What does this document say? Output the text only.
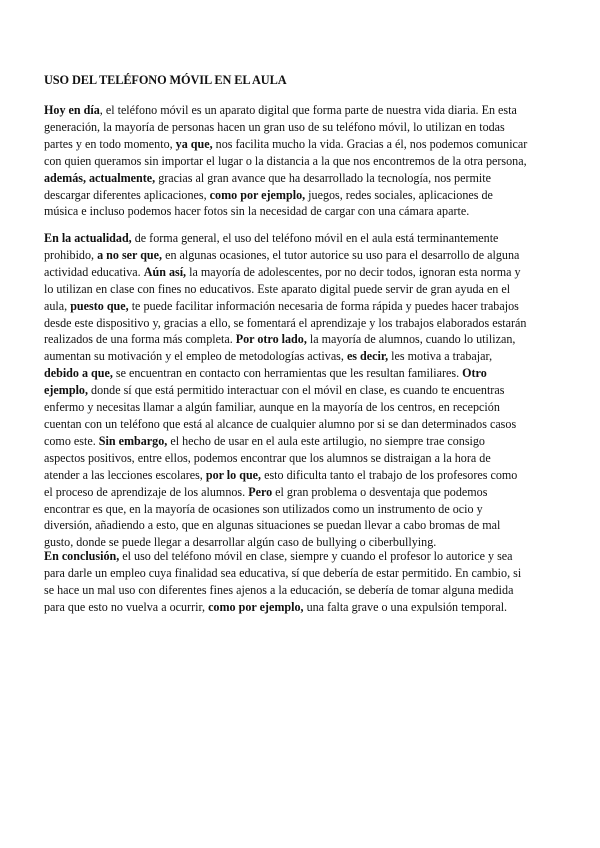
USO DEL TELÉFONO MÓVIL EN EL AULA
Hoy en día, el teléfono móvil es un aparato digital que forma parte de nuestra vida diaria. En esta
generación, la mayoría de personas hacen un gran uso de su teléfono móvil, lo utilizan en todas
partes y en todo momento, ya que, nos facilita mucho la vida. Gracias a él, nos podemos comunicar
con quien queramos sin importar el lugar o la distancia a la que nos encontremos de la otra persona,
además, actualmente, gracias al gran avance que ha desarrollado la tecnología, nos permite
descargar diferentes aplicaciones, como por ejemplo, juegos, redes sociales, aplicaciones de
música e incluso podemos hacer fotos sin la necesidad de cargar con una cámara aparte.
En la actualidad, de forma general, el uso del teléfono móvil en el aula está terminantemente
prohibido, a no ser que, en algunas ocasiones, el tutor autorice su uso para el desarrollo de alguna
actividad educativa. Aún así, la mayoría de adolescentes, por no decir todos, ignoran esta norma y
lo utilizan en clase con fines no educativos. Este aparato digital puede servir de gran ayuda en el
aula, puesto que, te puede facilitar información necesaria de forma rápida y puedes hacer trabajos
desde este dispositivo y, gracias a ello, se fomentará el aprendizaje y los trabajos elaborados estarán
realizados de una forma más completa. Por otro lado, la mayoría de alumnos, cuando lo utilizan,
aumentan su motivación y el empleo de metodologías activas, es decir, les motiva a trabajar,
debido a que, se encuentran en contacto con herramientas que les resultan familiares. Otro
ejemplo, donde sí que está permitido interactuar con el móvil en clase, es cuando te encuentras
enfermo y necesitas llamar a algún familiar, aunque en la mayoría de los centros, en recepción
cuentan con un teléfono que está al alcance de cualquier alumno por si se dan determinados casos
como este. Sin embargo, el hecho de usar en el aula este artilugio, no siempre trae consigo
aspectos positivos, entre ellos, podemos encontrar que los alumnos se distraigan a la hora de
atender a las lecciones escolares, por lo que, esto dificulta tanto el trabajo de los profesores como
el proceso de aprendizaje de los alumnos. Pero el gran problema o desventaja que podemos
encontrar es que, en la mayoría de ocasiones son utilizados como un instrumento de ocio y
diversión, añadiendo a esto, que en algunas situaciones se puedan llevar a cabo bromas de mal
gusto, donde se puede llegar a desarrollar algún caso de bullying o ciberbullying.
En conclusión, el uso del teléfono móvil en clase, siempre y cuando el profesor lo autorice y sea
para darle un empleo cuya finalidad sea educativa, sí que debería de estar permitido. En cambio, si
se hace un mal uso con diferentes fines ajenos a la educación, se debería de tomar alguna medida
para que esto no vuelva a ocurrir, como por ejemplo, una falta grave o una expulsión temporal.
